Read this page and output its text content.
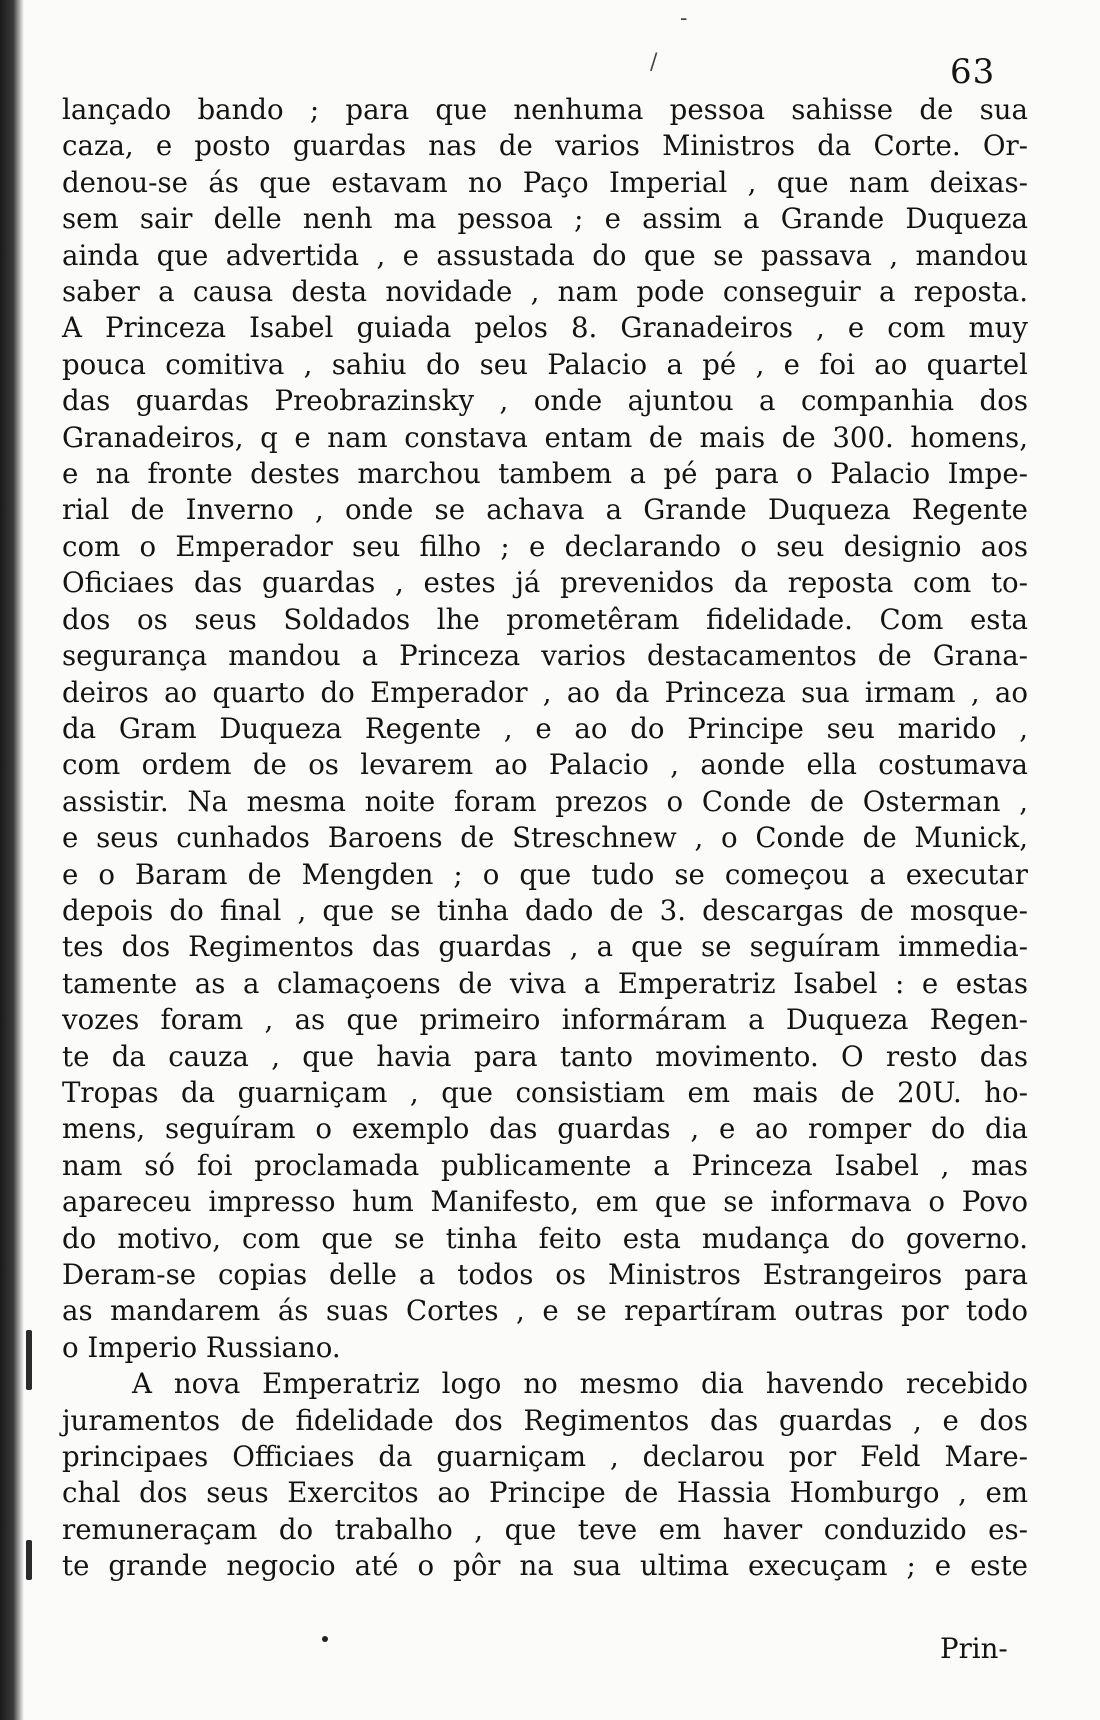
/
-
63
lançado bando ; para que nenhuma pessoa sahisse de sua
caza, e posto guardas nas de varios Ministros da Corte. Or-
denou-se ás que estavam no Paço Imperial , que nam deixas-
sem sair delle nenh ma pessoa ; e assim a Grande Duqueza
ainda que advertida , e assustada do que se passava , mandou
saber a causa desta novidade , nam pode conseguir a reposta.
A Princeza Isabel guiada pelos 8. Granadeiros , e com muy
pouca comitiva , sahiu do seu Palacio a pé , e foi ao quartel
das guardas Preobrazinsky , onde ajuntou a companhia dos
Granadeiros, q e nam constava entam de mais de 300. homens,
e na fronte destes marchou tambem a pé para o Palacio Impe-
rial de Inverno , onde se achava a Grande Duqueza Regente
com o Emperador seu filho ; e declarando o seu designio aos
Oficiaes das guardas , estes já prevenidos da reposta com to-
dos os seus Soldados lhe prometêram fidelidade. Com esta
segurança mandou a Princeza varios destacamentos de Grana-
deiros ao quarto do Emperador , ao da Princeza sua irmam , ao
da Gram Duqueza Regente , e ao do Principe seu marido ,
com ordem de os levarem ao Palacio , aonde ella costumava
assistir. Na mesma noite foram prezos o Conde de Osterman ,
e seus cunhados Baroens de Streschnew , o Conde de Munick,
e o Baram de Mengden ; o que tudo se começou a executar
depois do final , que se tinha dado de 3. descargas de mosque-
tes dos Regimentos das guardas , a que se seguíram immedia-
tamente as a clamaçoens de viva a Emperatriz Isabel : e estas
vozes foram , as que primeiro informáram a Duqueza Regen-
te da cauza , que havia para tanto movimento. O resto das
Tropas da guarniçam , que consistiam em mais de 20U. ho-
mens, seguíram o exemplo das guardas , e ao romper do dia
nam só foi proclamada publicamente a Princeza Isabel , mas
apareceu impresso hum Manifesto, em que se informava o Povo
do motivo, com que se tinha feito esta mudança do governo.
Deram-se copias delle a todos os Ministros Estrangeiros para
as mandarem ás suas Cortes , e se repartíram outras por todo
o Imperio Russiano.
A nova Emperatriz logo no mesmo dia havendo recebido
juramentos de fidelidade dos Regimentos das guardas , e dos
principaes Officiaes da guarniçam , declarou por Feld Mare-
chal dos seus Exercitos ao Principe de Hassia Homburgo , em
remuneraçam do trabalho , que teve em haver conduzido es-
te grande negocio até o pôr na sua ultima execuçam ; e este
Prin-
